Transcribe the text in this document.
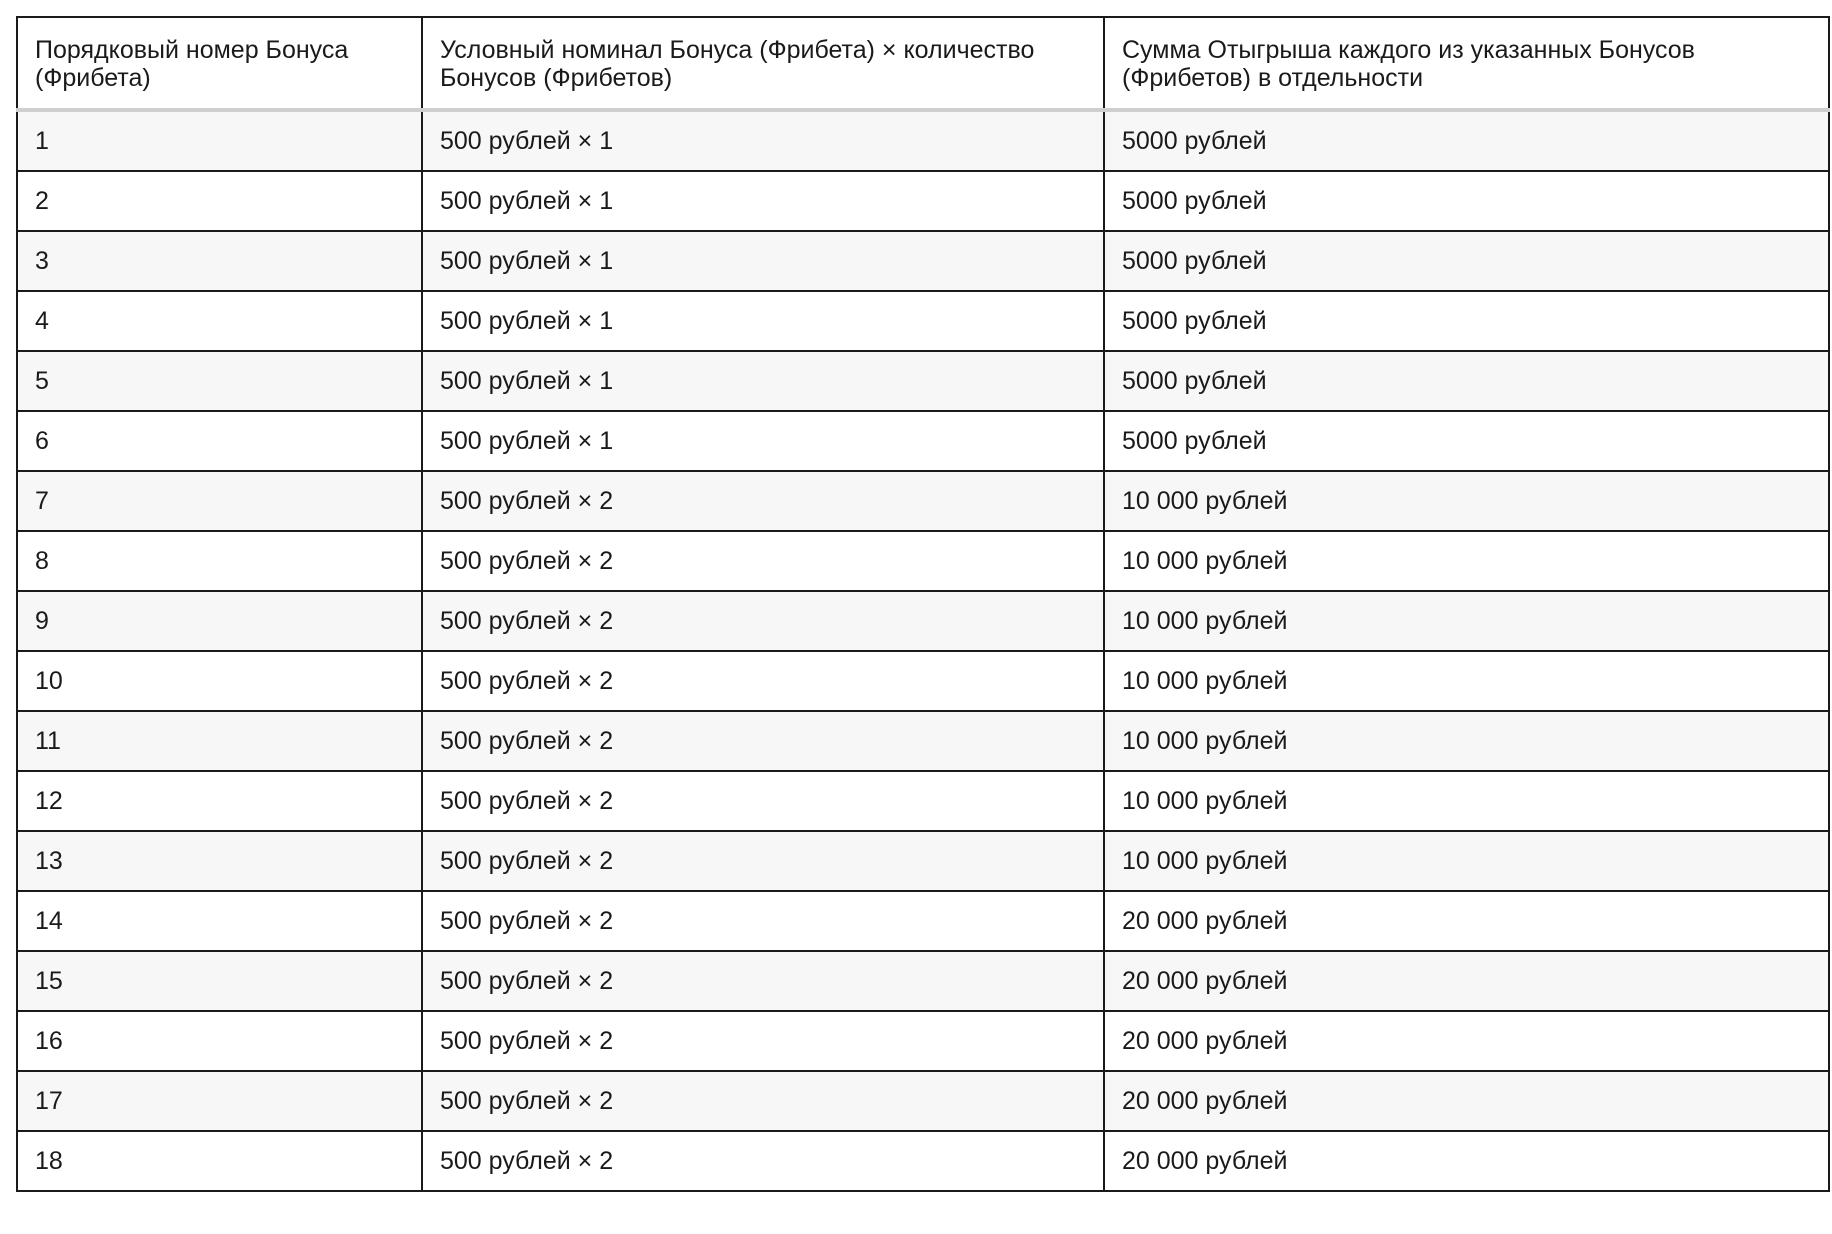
Порядковый номер Бонуса (Фрибета)	Условный номинал Бонуса (Фрибета) × количество Бонусов (Фрибетов)	Сумма Отыгрыша каждого из указанных Бонусов (Фрибетов) в отдельности
1	500 рублей × 1	5000 рублей
2	500 рублей × 1	5000 рублей
3	500 рублей × 1	5000 рублей
4	500 рублей × 1	5000 рублей
5	500 рублей × 1	5000 рублей
6	500 рублей × 1	5000 рублей
7	500 рублей × 2	10 000 рублей
8	500 рублей × 2	10 000 рублей
9	500 рублей × 2	10 000 рублей
10	500 рублей × 2	10 000 рублей
11	500 рублей × 2	10 000 рублей
12	500 рублей × 2	10 000 рублей
13	500 рублей × 2	10 000 рублей
14	500 рублей × 2	20 000 рублей
15	500 рублей × 2	20 000 рублей
16	500 рублей × 2	20 000 рублей
17	500 рублей × 2	20 000 рублей
18	500 рублей × 2	20 000 рублей
